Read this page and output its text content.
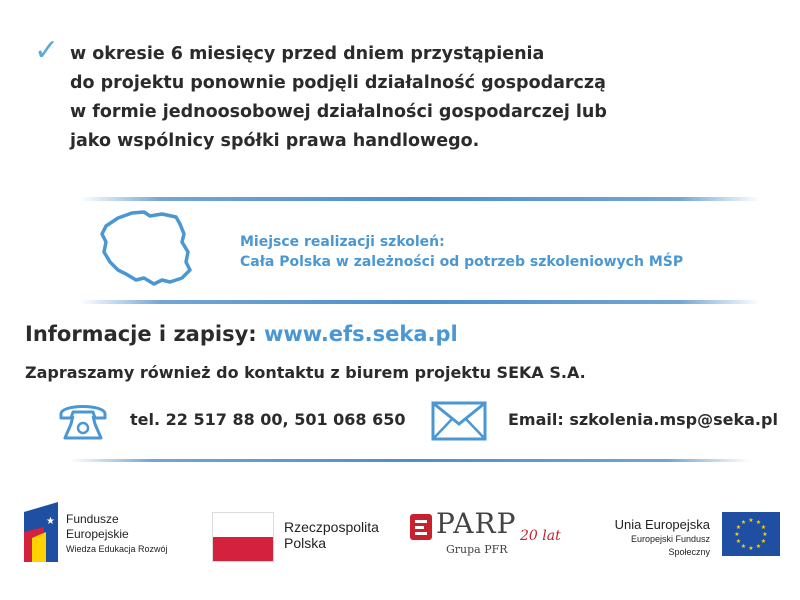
✓ w okresie 6 miesięcy przed dniem przystąpienia
do projektu ponownie podjęli działalność gospodarczą
w formie jednoosobowej działalności gospodarczej lub
jako wspólnicy spółki prawa handlowego.
Miejsce realizacji szkoleń:
Cała Polska w zależności od potrzeb szkoleniowych MŚP
Informacje i zapisy: www.efs.seka.pl
Zapraszamy również do kontaktu z biurem projektu SEKA S.A.
tel. 22 517 88 00, 501 068 650	Email: szkolenia.msp@seka.pl
★ Fundusze
Europejskie
Wiedza Edukacja Rozwój
Rzeczpospolita
Polska
PARP 20 lat
Grupa PFR
Unia Europejska
Europejski Fundusz Społeczny
★ ★
★
★
★
★
★
★
★
★
★
★
